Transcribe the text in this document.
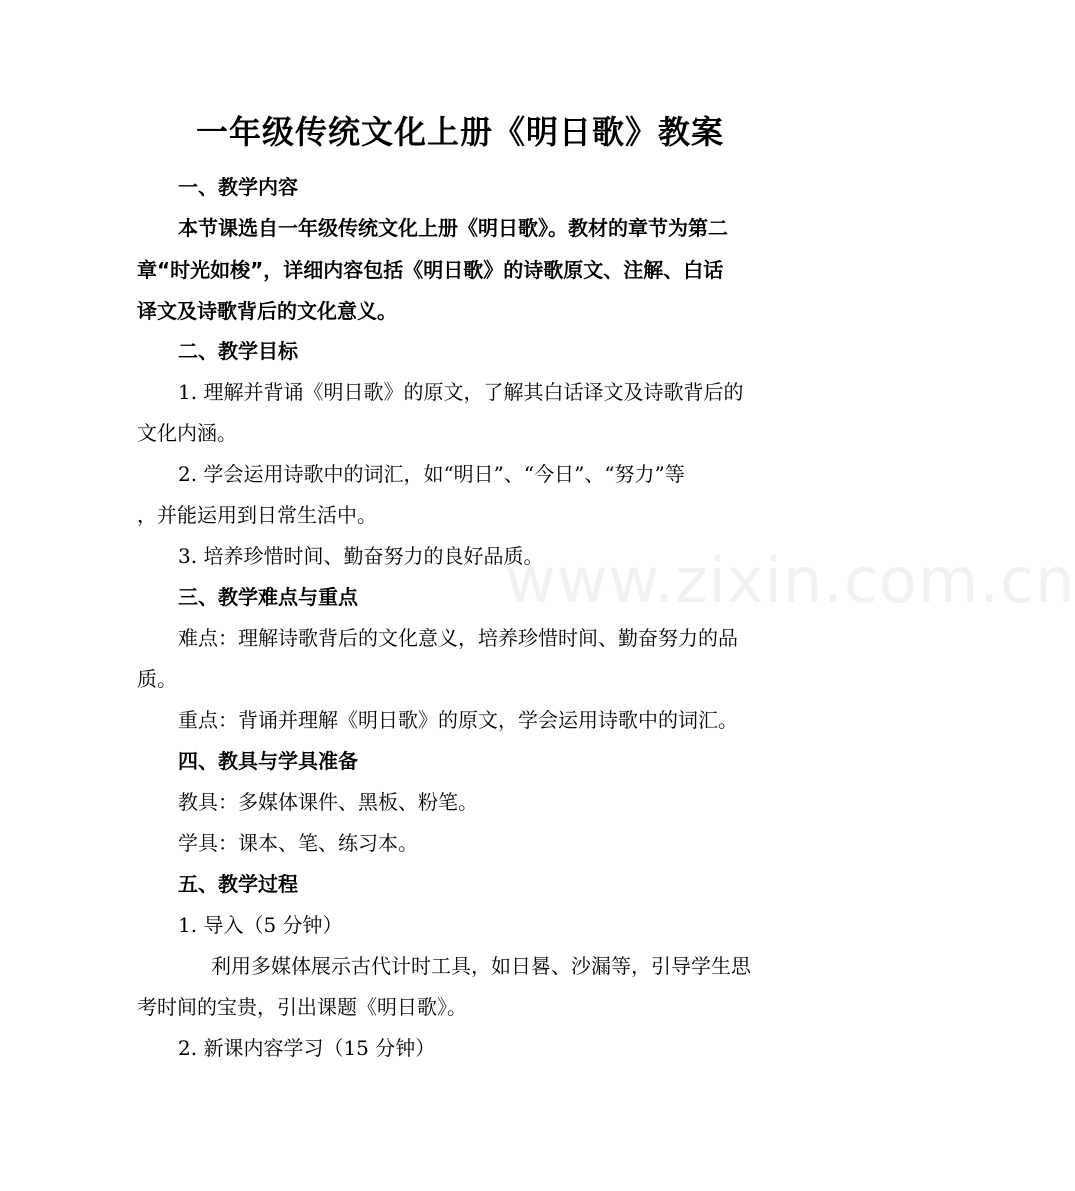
www.zixin.com.cn
一年级传统文化上册《明日歌》教案
一、教学内容
本节课选自一年级传统文化上册《明日歌》。教材的章节为第二
章“时光如梭”，详细内容包括《明日歌》的诗歌原文、注解、白话
译文及诗歌背后的文化意义。
二、教学目标
1. 理解并背诵《明日歌》的原文，了解其白话译文及诗歌背后的
文化内涵。
2. 学会运用诗歌中的词汇，如“明日”、“今日”、“努力”等
，并能运用到日常生活中。
3. 培养珍惜时间、勤奋努力的良好品质。
三、教学难点与重点
难点：理解诗歌背后的文化意义，培养珍惜时间、勤奋努力的品
质。
重点：背诵并理解《明日歌》的原文，学会运用诗歌中的词汇。
四、教具与学具准备
教具：多媒体课件、黑板、粉笔。
学具：课本、笔、练习本。
五、教学过程
1. 导入（5 分钟）
利用多媒体展示古代计时工具，如日晷、沙漏等，引导学生思
考时间的宝贵，引出课题《明日歌》。
2. 新课内容学习（15 分钟）
